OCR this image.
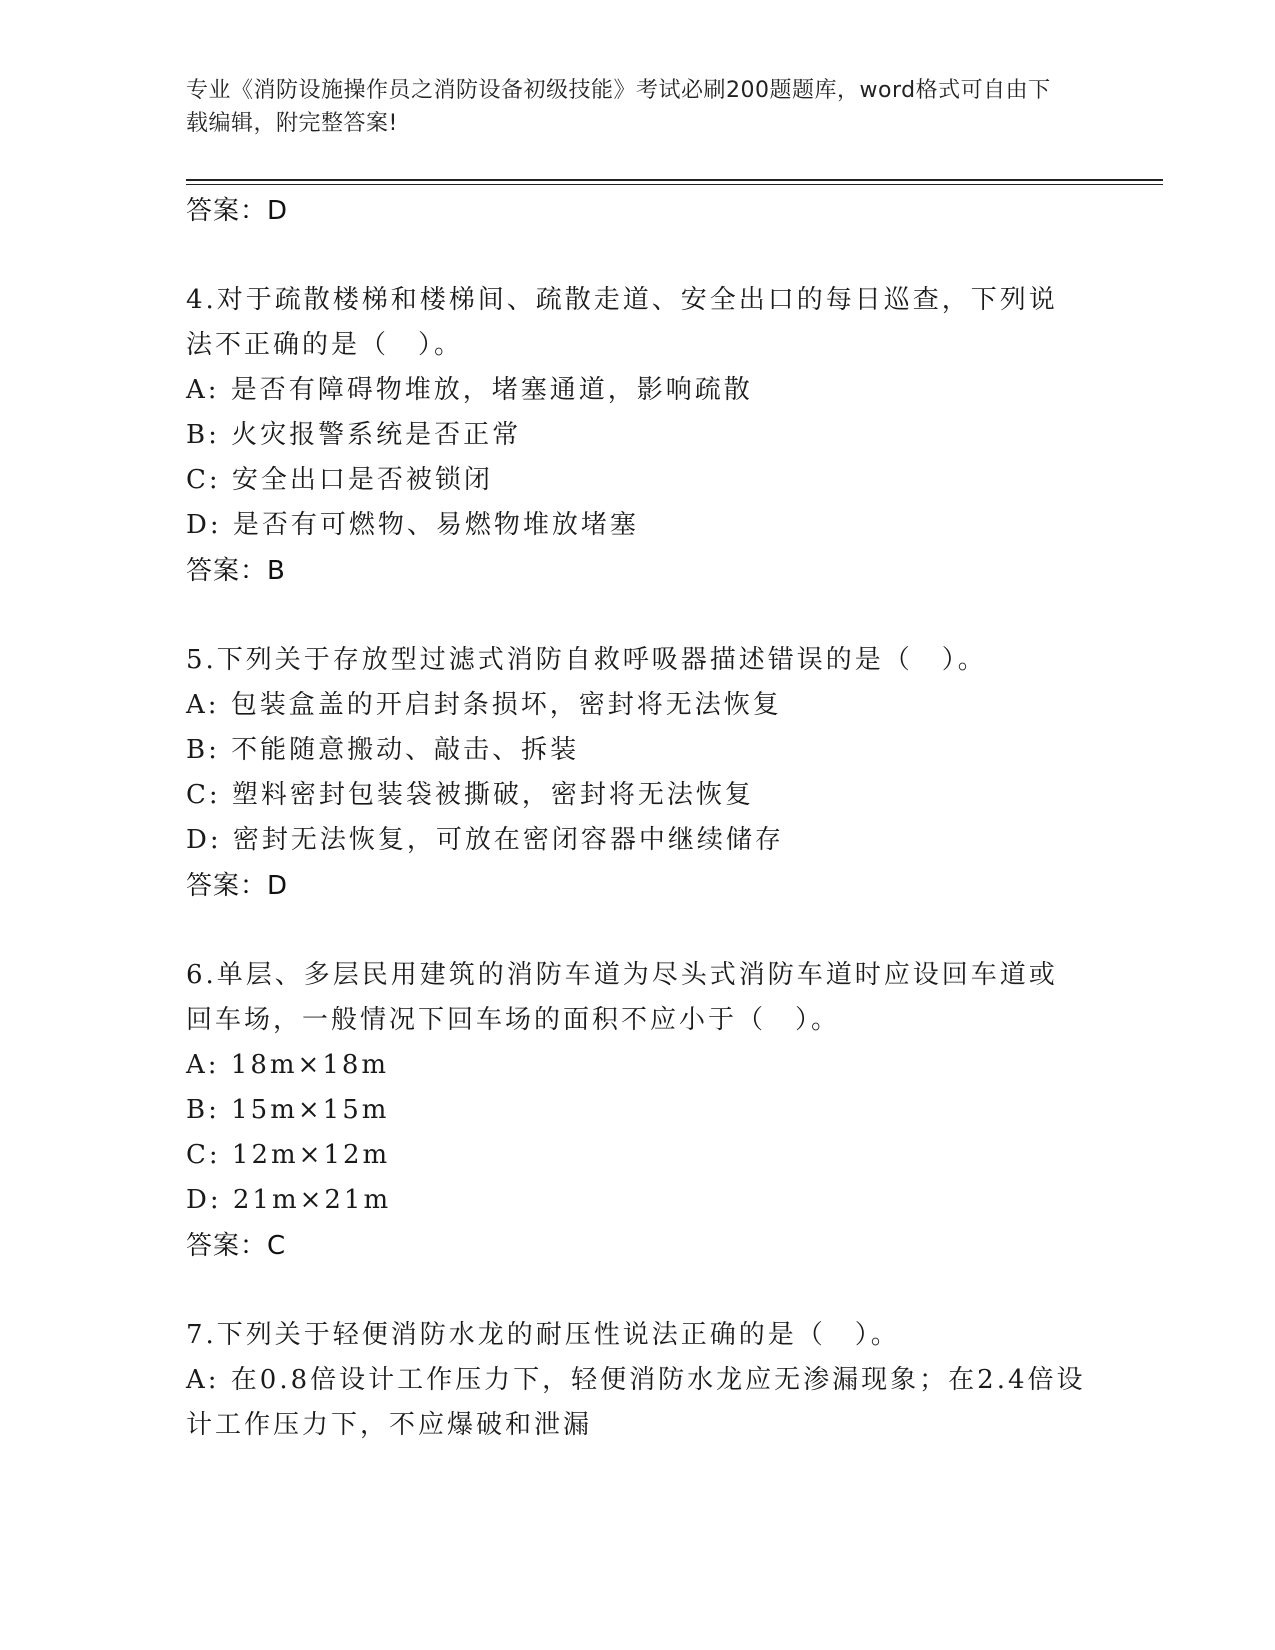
专业《消防设施操作员之消防设备初级技能》考试必刷200题题库，word格式可自由下载编辑，附完整答案!
答案：D
4.对于疏散楼梯和楼梯间、疏散走道、安全出口的每日巡查，下列说法不正确的是（　）。
A: 是否有障碍物堆放，堵塞通道，影响疏散
B: 火灾报警系统是否正常
C: 安全出口是否被锁闭
D: 是否有可燃物、易燃物堆放堵塞
答案：B
5.下列关于存放型过滤式消防自救呼吸器描述错误的是（　）。
A: 包装盒盖的开启封条损坏，密封将无法恢复
B: 不能随意搬动、敲击、拆装
C: 塑料密封包装袋被撕破，密封将无法恢复
D: 密封无法恢复，可放在密闭容器中继续储存
答案：D
6.单层、多层民用建筑的消防车道为尽头式消防车道时应设回车道或回车场，一般情况下回车场的面积不应小于（　）。
A: 18m×18m
B: 15m×15m
C: 12m×12m
D: 21m×21m
答案：C
7.下列关于轻便消防水龙的耐压性说法正确的是（　）。
A: 在0.8倍设计工作压力下，轻便消防水龙应无渗漏现象；在2.4倍设计工作压力下，不应爆破和泄漏
